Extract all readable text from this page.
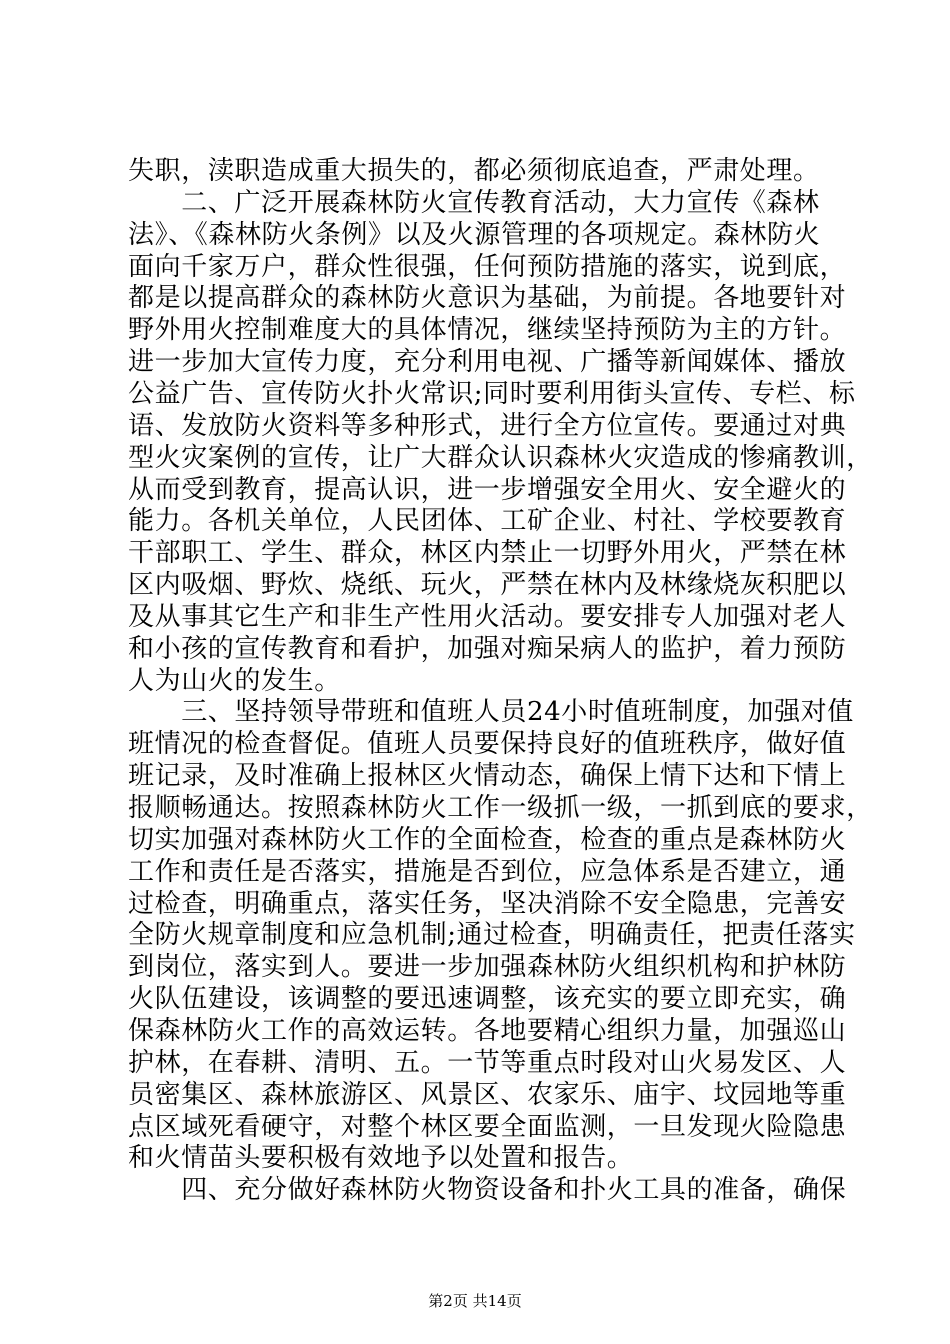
失职，渎职造成重大损失的，都必须彻底追查，严肃处理。
　　二、广泛开展森林防火宣传教育活动，大力宣传《森林
法》、《森林防火条例》以及火源管理的各项规定。森林防火
面向千家万户，群众性很强，任何预防措施的落实，说到底，
都是以提高群众的森林防火意识为基础，为前提。各地要针对
野外用火控制难度大的具体情况，继续坚持预防为主的方针。
进一步加大宣传力度，充分利用电视、广播等新闻媒体、播放
公益广告、宣传防火扑火常识;同时要利用街头宣传、专栏、标
语、发放防火资料等多种形式，进行全方位宣传。要通过对典
型火灾案例的宣传，让广大群众认识森林火灾造成的惨痛教训，
从而受到教育，提高认识，进一步增强安全用火、安全避火的
能力。各机关单位，人民团体、工矿企业、村社、学校要教育
干部职工、学生、群众，林区内禁止一切野外用火，严禁在林
区内吸烟、野炊、烧纸、玩火，严禁在林内及林缘烧灰积肥以
及从事其它生产和非生产性用火活动。要安排专人加强对老人
和小孩的宣传教育和看护，加强对痴呆病人的监护，着力预防
人为山火的发生。
　　三、坚持领导带班和值班人员24小时值班制度，加强对值
班情况的检查督促。值班人员要保持良好的值班秩序，做好值
班记录，及时准确上报林区火情动态，确保上情下达和下情上
报顺畅通达。按照森林防火工作一级抓一级，一抓到底的要求，
切实加强对森林防火工作的全面检查，检查的重点是森林防火
工作和责任是否落实，措施是否到位，应急体系是否建立，通
过检查，明确重点，落实任务，坚决消除不安全隐患，完善安
全防火规章制度和应急机制;通过检查，明确责任，把责任落实
到岗位，落实到人。要进一步加强森林防火组织机构和护林防
火队伍建设，该调整的要迅速调整，该充实的要立即充实，确
保森林防火工作的高效运转。各地要精心组织力量，加强巡山
护林，在春耕、清明、五。一节等重点时段对山火易发区、人
员密集区、森林旅游区、风景区、农家乐、庙宇、坟园地等重
点区域死看硬守，对整个林区要全面监测，一旦发现火险隐患
和火情苗头要积极有效地予以处置和报告。
　　四、充分做好森林防火物资设备和扑火工具的准备，确保
第2页 共14页
